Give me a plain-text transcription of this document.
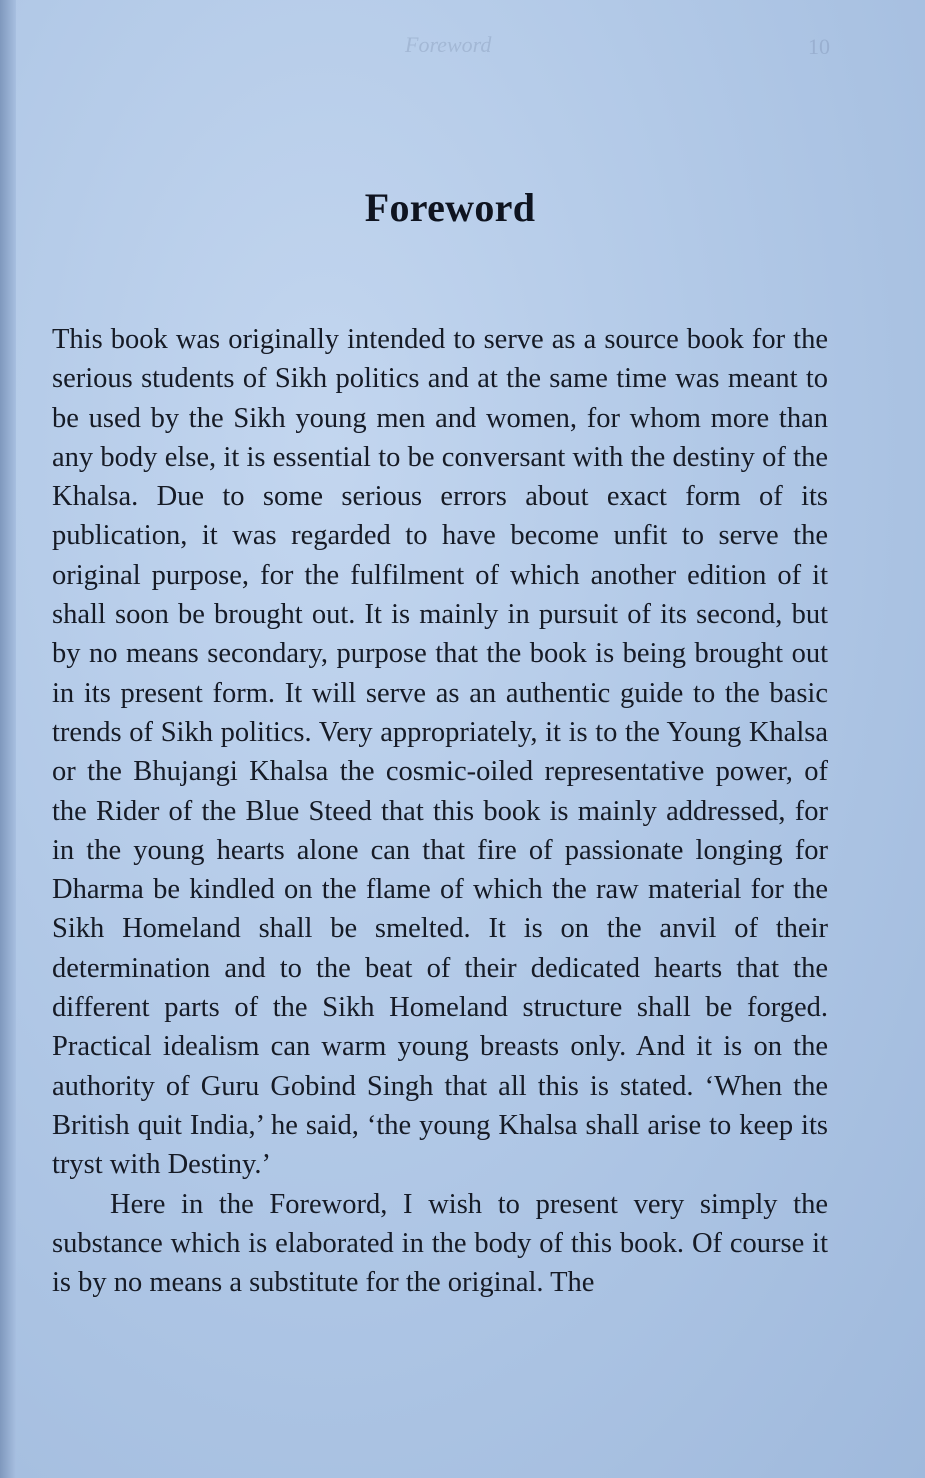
Foreword	10
Foreword

This book was originally intended to serve as a source book for the serious students of Sikh politics and at the same time was meant to be used by the Sikh young men and women, for whom more than any body else, it is essential to be conversant with the destiny of the Khalsa. Due to some serious errors about exact form of its publication, it was regarded to have become unfit to serve the original purpose, for the fulfilment of which another edition of it shall soon be brought out. It is mainly in pursuit of its second, but by no means secondary, purpose that the book is being brought out in its present form. It will serve as an authentic guide to the basic trends of Sikh politics. Very appropriately, it is to the Young Khalsa or the Bhujangi Khalsa the cosmic-oiled representative power, of the Rider of the Blue Steed that this book is mainly addressed, for in the young hearts alone can that fire of passionate longing for Dharma be kindled on the flame of which the raw material for the Sikh Homeland shall be smelted. It is on the anvil of their determination and to the beat of their dedicated hearts that the different parts of the Sikh Homeland structure shall be forged. Practical idealism can warm young breasts only. And it is on the authority of Guru Gobind Singh that all this is stated. ‘When the British quit India,’ he said, ‘the young Khalsa shall arise to keep its tryst with Destiny.’

Here in the Foreword, I wish to present very simply the substance which is elaborated in the body of this book. Of course it is by no means a substitute for the original. The
